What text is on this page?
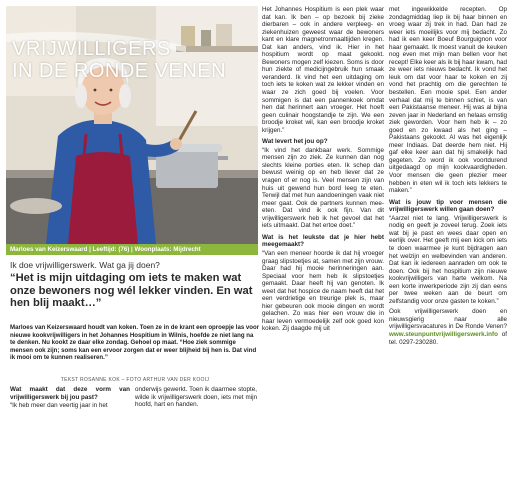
VRIJWILLIGERS
IN DE RONDE VENEN
Marloes van Keizerswaard | Leeftijd: (76) | Woonplaats: Mijdrecht
Ik doe vrijwilligerswerk. Wat ga jij doen?
“Het is mijn uitdaging om iets te maken wat onze bewoners nog wél lekker vinden. En wat hen blij maakt…”
Marloes van Keizerswaard houdt van koken. Toen ze in de krant een oproepje las voor nieuwe kookvrijwilligers in het Johannes Hospitium in Wilnis, hoefde ze niet lang na te denken. Nu kookt ze daar elke zondag. Gehoel op maat. “Hoe ziek sommige mensen ook zijn; soms kan een ervoor zorgen dat er weer blijheid bij hen is. Dat vind ik mooi om te kunnen realiseren.”
TEKST ROSANNE KOK – FOTO ARTHUR VAN DER KOOIJ

Wat maakt dat deze vorm van vrijwilligerswerk bij jou past?

“Ik heb meer dan veertig jaar in het

onderwijs gewerkt. Toen ik daarmee stopte, wilde ik vrijwilligerswerk doen, iets met mijn hoofd, hart en handen.

Het Johannes Hospitium is een plek waar dat kan. Ik ben – op bezoek bij zieke dierbaren – ook in andere verpleeg- en ziekenhuizen geweest waar de bewoners kant en klare magnetronmaaltijden kregen. Dat kan anders, vind ik. Hier in het hospitium wordt op maat gekookt. Bewoners mogen zelf kiezen. Soms is door hun ziekte of medicijngebruik hun smaak veranderd. Ik vind het een uitdaging om toch iets te koken wat ze lekker vinden en waar ze zich goed bij voelen. Voor sommigen is dat een pannenkoek omdat hen dat herinnert aan vroeger. Het hoeft geen culinair hoogstandje te zijn. We een broodje kroket wil, kan een broodje kroket krijgen.”

Wat levert het jou op?

“Ik vind het dankbaar werk. Sommige mensen zijn zo ziek. Ze kunnen dan nog slechts kleine porties eten. Ik schep dan bewust weinig op en heb liever dat ze vragen of er nog is. Veel mensen zijn van huis uit gewend hun bord leeg te eten. Terwijl dat met hun aandoeningen vaak niet meer gaat. Ook de partners kunnen mee-eten. Dat vind ik ook fijn. Van dit vrijwilligerswerk heb ik het gevoel dat het iets uitmaakt. Dat het ertoe doet.”

Wat is het leukste dat je hier hebt meegemaakt?

“Van een meneer hoorde ik dat hij vroeger graag slipstoetjes at, samen met zijn vrouw. Daar had hij mooie herinneringen aan. Speciaal voor hem heb ik slipstoetjes gemaakt. Daar heeft hij van genoten. Ik weet dat het hospice de naam heeft dat het een verdrietige en treurige plek is, maar hier gebeuren ook mooie dingen en wordt gelachen. Zo was hier een vrouw die in haar leven vermoedelijk zelf ook goed kon koken. Zij daagde mij uit

met ingewikkelde recepten. Op zondagmiddag liep ik bij haar binnen en vroeg waar zij trek in had. Dan had ze weer iets moeilijks voor mij bedacht. Zo had ik een keer Boeuf Bourguignon voor haar gemaakt. Ik moest vanuit de keuken nog even met mijn man bellen voor het recept! Elke keer als ik bij haar kwam, had ze weer iets nieuws bedacht. Ik vond het leuk om dat voor haar te koken en zij vond het prachtig om die gerechten te bestellen. Een mooie spel. Een ander verhaal dat mij te binnen schiet, is van een Pakistaanse meneer. Hij was al bijna zeven jaar in Nederland en helaas ernstig ziek geworden. Voor hem heb ik – zo goed en zo kwaad als het ging – Pakistaans gekookt. Al was het eigenlijk meer Indiaas. Dat deerde hem niet. Hij gaf elke keer aan dat hij smakelijk had gegeten. Zo word ik ook voortdurend uitgedaagd op mijn kookvaardigheden. Voor mensen die geen plezier meer hebben in eten wil ik toch iets lekkers te maken.”

Wat is jouw tip voor mensen die vrijwilligerswerk willen gaan doen?

“Aarzel niet te lang. Vrijwilligerswerk is nodig en geeft je zoveel terug. Zoek iets wat bij je past en wees daar open en eerlijk over. Het geeft mij een kick om iets te doen waarmee je kunt bijdragen aan het welzijn en welbevinden van anderen. Dat kan ik iedereen aanraden om ook te doen. Ook bij het hospitium zijn nieuwe kookvrijwilligers van harte welkom. Na een korte inwerkperiode zijn zij dan eens per twee weken aan de beurt om zelfstandig voor onze gasten te koken.”

Ook vrijwilligerswerk doen en nieuwsgierig naar alle vrijwilligersvacatures in De Ronde Venen? www.steunpuntvrijwilligerswerk.info of tel. 0297-230280.
